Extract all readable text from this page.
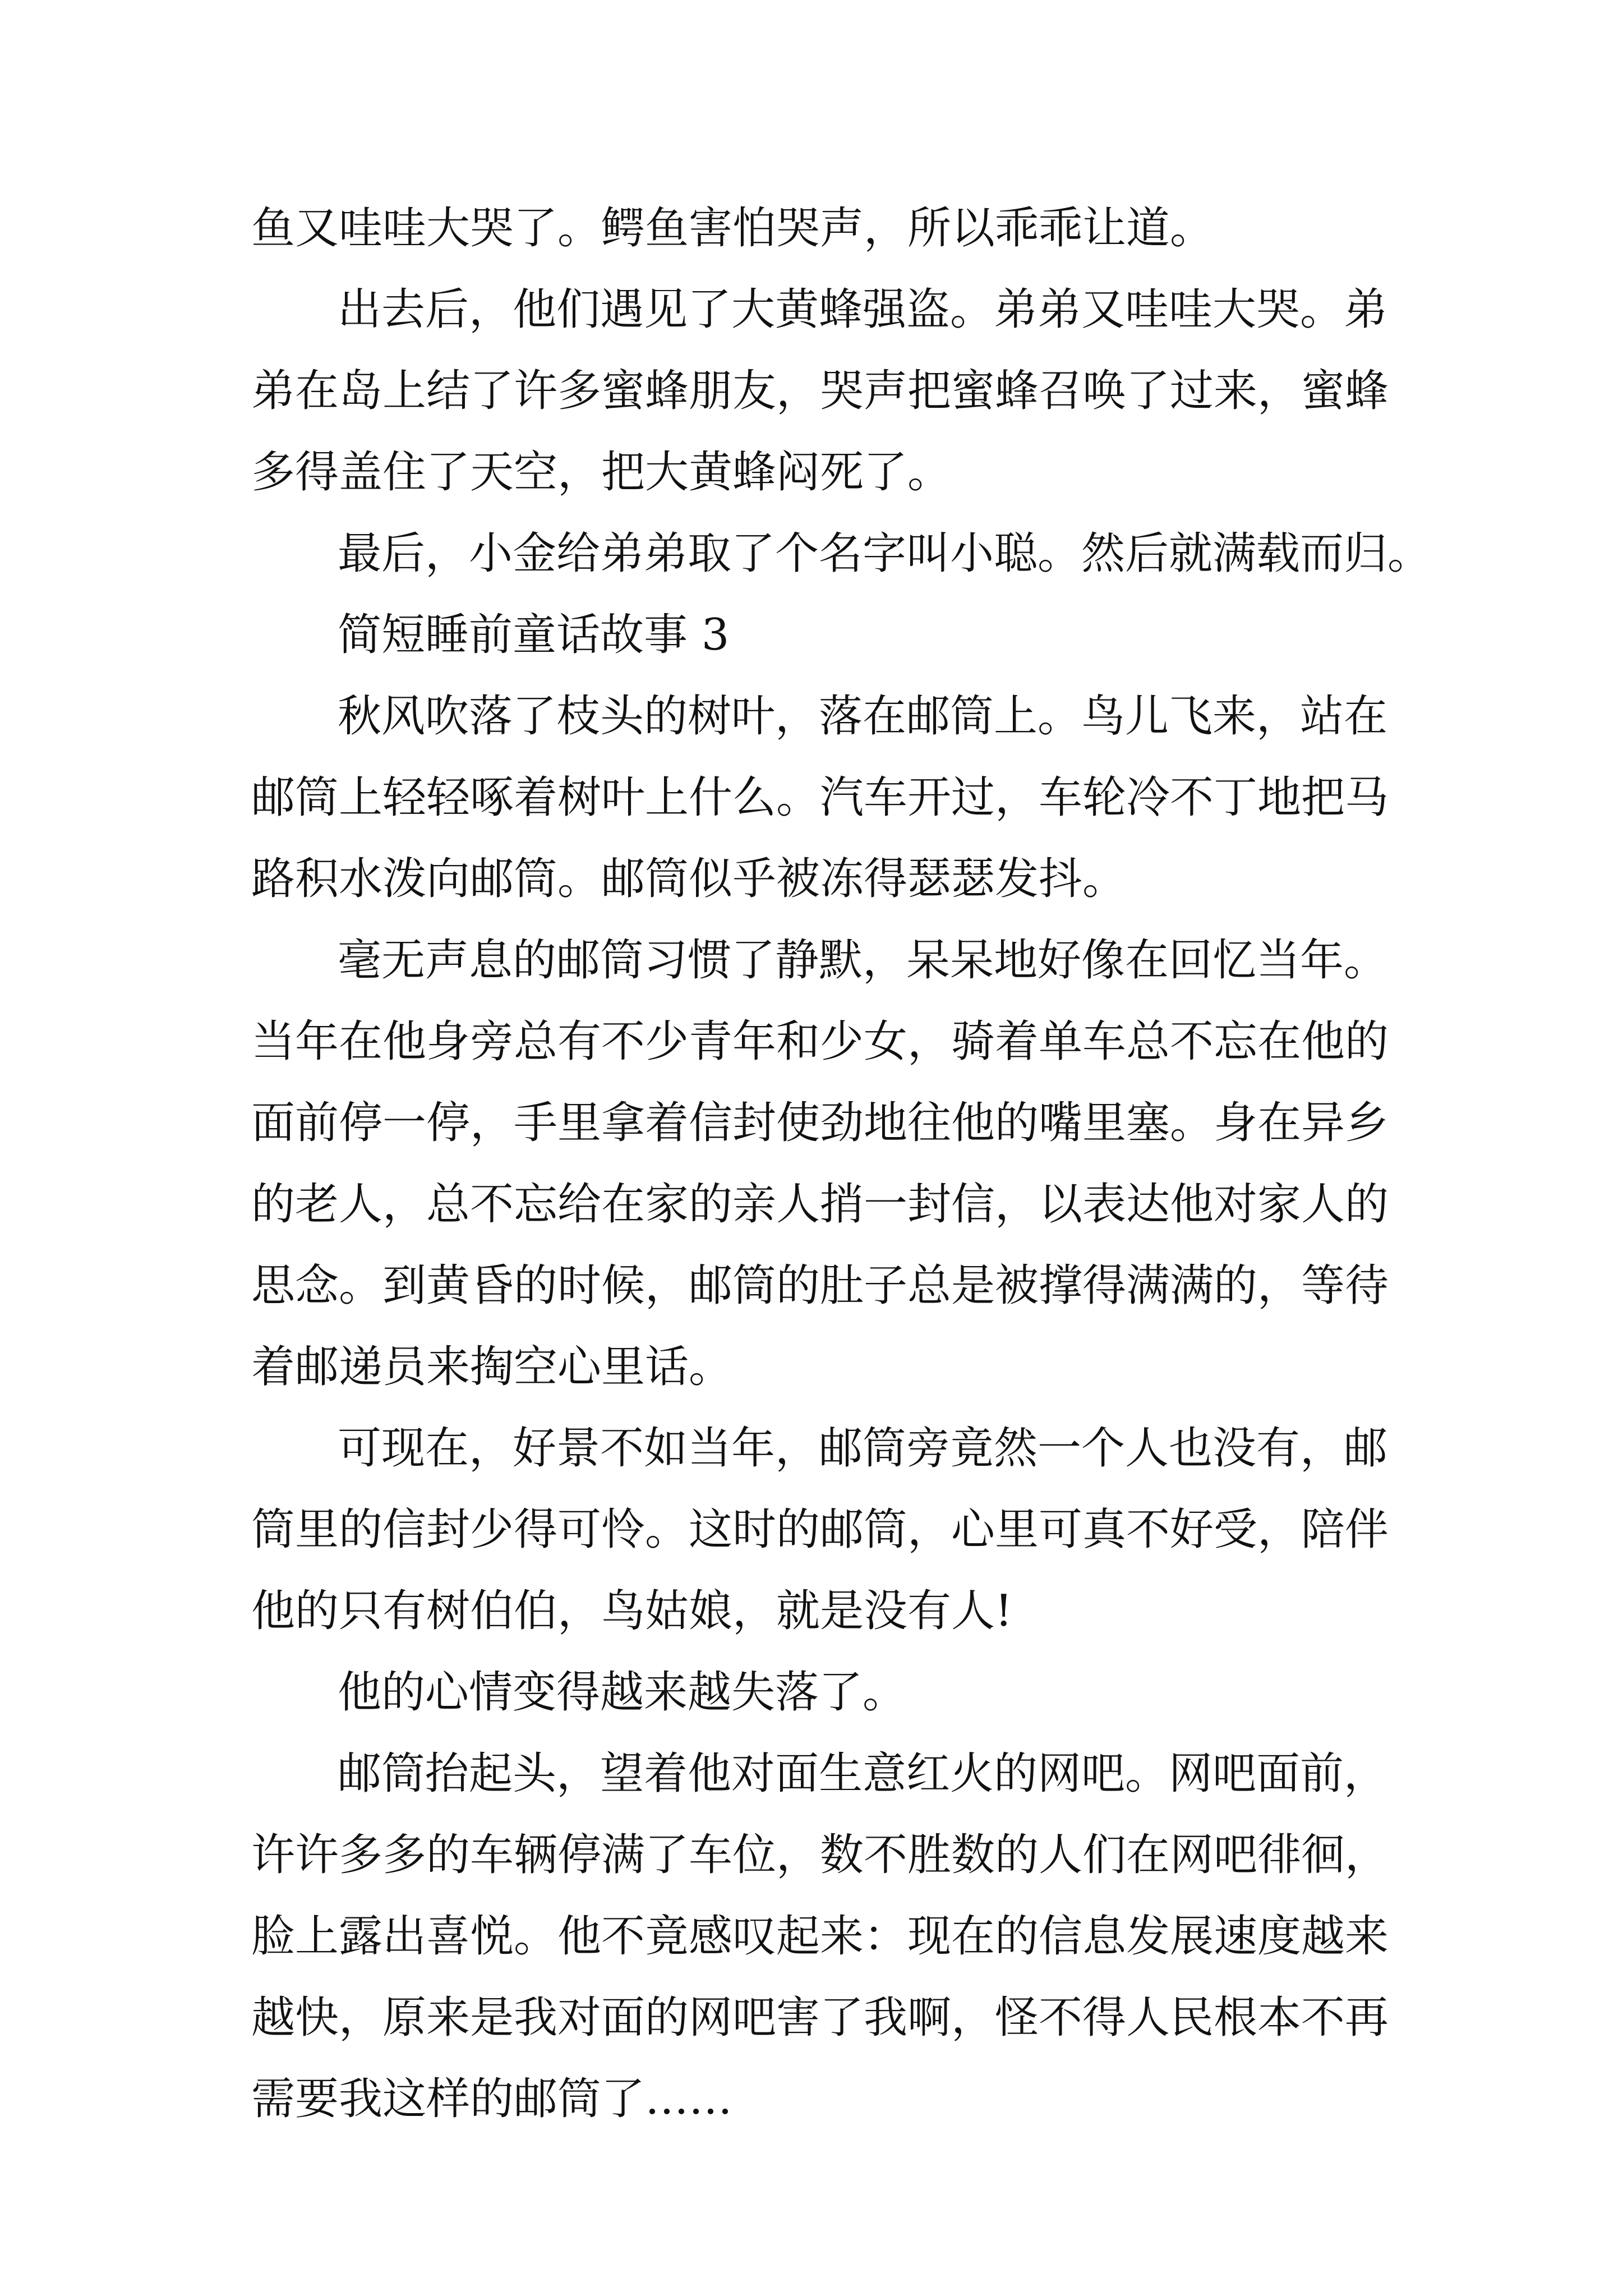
鱼又哇哇大哭了。鳄鱼害怕哭声，所以乖乖让道。
出去后，他们遇见了大黄蜂强盗。弟弟又哇哇大哭。弟
弟在岛上结了许多蜜蜂朋友，哭声把蜜蜂召唤了过来，蜜蜂
多得盖住了天空，把大黄蜂闷死了。
最后，小金给弟弟取了个名字叫小聪。然后就满载而归。
简短睡前童话故事 3
秋风吹落了枝头的树叶，落在邮筒上。鸟儿飞来，站在
邮筒上轻轻啄着树叶上什么。汽车开过，车轮冷不丁地把马
路积水泼向邮筒。邮筒似乎被冻得瑟瑟发抖。
毫无声息的邮筒习惯了静默，呆呆地好像在回忆当年。
当年在他身旁总有不少青年和少女，骑着单车总不忘在他的
面前停一停，手里拿着信封使劲地往他的嘴里塞。身在异乡
的老人，总不忘给在家的亲人捎一封信，以表达他对家人的
思念。到黄昏的时候，邮筒的肚子总是被撑得满满的，等待
着邮递员来掏空心里话。
可现在，好景不如当年，邮筒旁竟然一个人也没有，邮
筒里的信封少得可怜。这时的邮筒，心里可真不好受，陪伴
他的只有树伯伯，鸟姑娘，就是没有人!
他的心情变得越来越失落了。
邮筒抬起头，望着他对面生意红火的网吧。网吧面前，
许许多多的车辆停满了车位，数不胜数的人们在网吧徘徊，
脸上露出喜悦。他不竟感叹起来：现在的信息发展速度越来
越快，原来是我对面的网吧害了我啊，怪不得人民根本不再
需要我这样的邮筒了……
